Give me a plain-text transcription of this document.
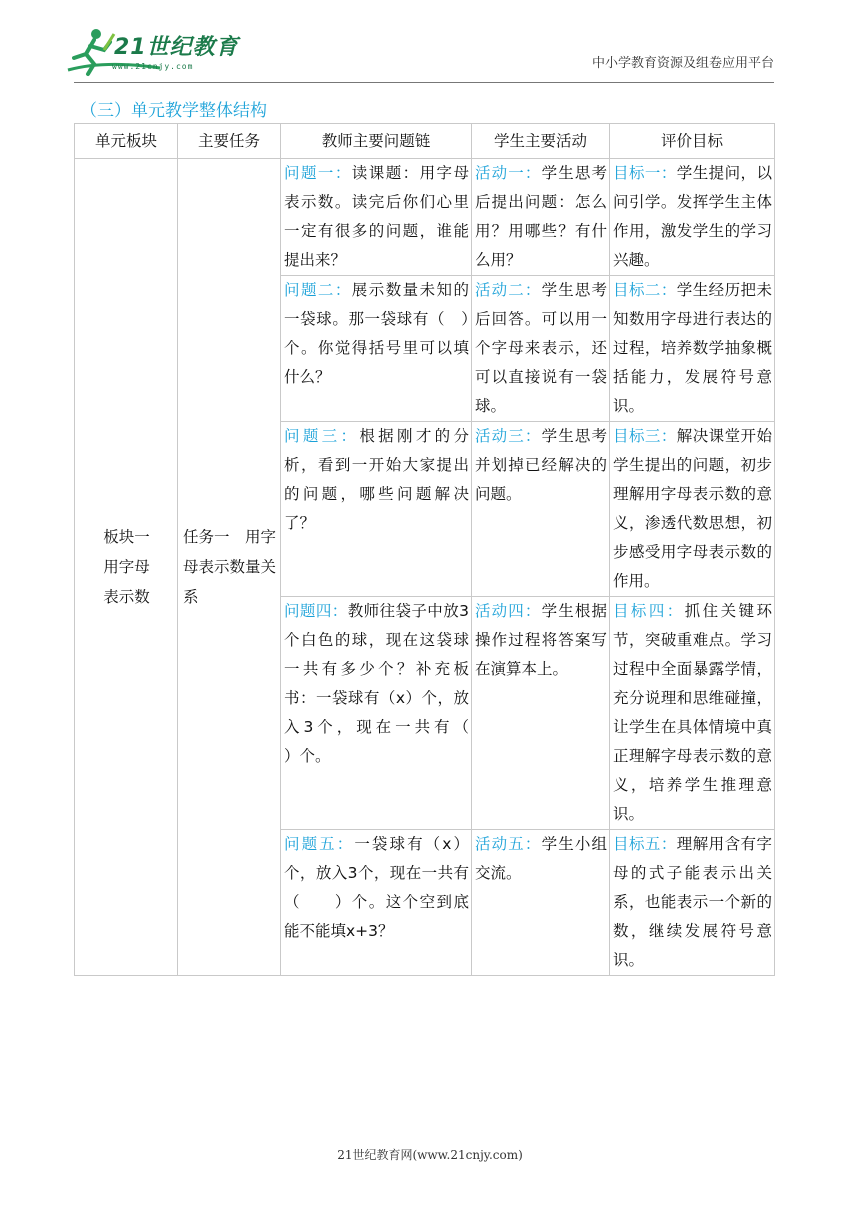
21世纪教育
www.21cnjy.com	中小学教育资源及组卷应用平台
（三）单元教学整体结构
单元板块	主要任务	教师主要问题链	学生主要活动	评价目标
板块一
用字母
表示数	任务一　用字母表示数量关系	问题一：读课题：用字母表示数。读完后你们心里一定有很多的问题，谁能提出来？	活动一：学生思考后提出问题：怎么用？用哪些？有什么用？	目标一：学生提问，以问引学。发挥学生主体作用，激发学生的学习兴趣。
		问题二：展示数量未知的一袋球。那一袋球有（　）个。你觉得括号里可以填什么？	活动二：学生思考后回答。可以用一个字母来表示，还可以直接说有一袋球。	目标二：学生经历把未知数用字母进行表达的过程，培养数学抽象概括能力，发展符号意识。
		问题三：根据刚才的分析，看到一开始大家提出的问题，哪些问题解决了？	活动三：学生思考并划掉已经解决的问题。	目标三：解决课堂开始学生提出的问题，初步理解用字母表示数的意义，渗透代数思想，初步感受用字母表示数的作用。
		问题四：教师往袋子中放3个白色的球，现在这袋球一共有多少个？补充板书：一袋球有（x）个，放入3个，现在一共有（　　）个。	活动四：学生根据操作过程将答案写在演算本上。	目标四：抓住关键环节，突破重难点。学习过程中全面暴露学情，充分说理和思维碰撞，让学生在具体情境中真正理解字母表示数的意义，培养学生推理意识。
		问题五：一袋球有（x）个，放入3个，现在一共有（　　）个。这个空到底能不能填x+3？	活动五：学生小组交流。	目标五：理解用含有字母的式子能表示出关系，也能表示一个新的数，继续发展符号意识。
21世纪教育网(www.21cnjy.com)
